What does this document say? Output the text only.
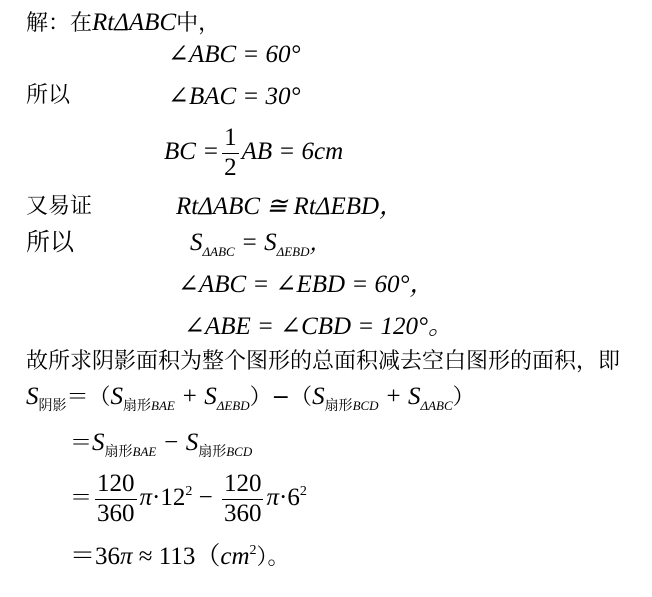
解：在RtΔABC中，
∠ABC = 60°
所以	∠BAC = 30°
BC = $\frac{1}{2}$ AB = 6cm
又易证	RtΔABC ≅ RtΔEBD，
所以	$S_{\Delta ABC} = S_{\Delta EBD}$，
∠ABC = ∠EBD = 60°，
∠ABE = ∠CBD = 120°。
故所求阴影面积为整个图形的总面积减去空白图形的面积，即
$S_{阴影}=(S_{扇形BAE} + S_{\Delta EBD})-(S_{扇形BCD} + S_{\Delta ABC})$
$=S_{扇形BAE} - S_{扇形BCD}$
＝ $\frac{120}{360} \pi\cdot 12^2 - \frac{120}{360} \pi\cdot 6^2$
$=36\pi \approx 113(cm^2)$。
